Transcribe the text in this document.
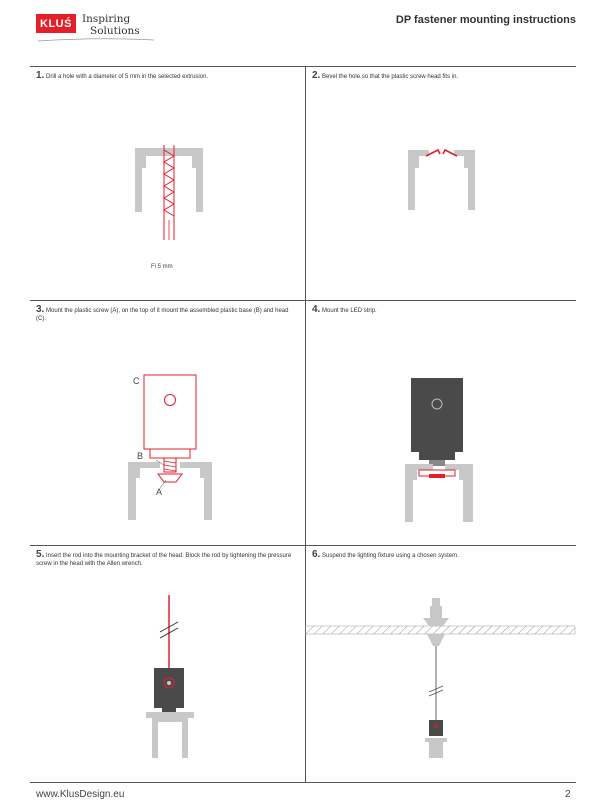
KLUŚ Inspiring
Solutions
DP fastener mounting instructions
1. Drill a hole with a diameter of 5 mm in the selected extrusion.	2. Bevel the hole so that the plastic screw head fits in.
3. Mount the plastic screw (A), on the top of it mount the assembled plastic base (B) and head (C).
4. Mount the LED strip.
5. Insert the rod into the mounting bracket of the head. Block the rod by tightening the pressure screw in the head with the Allen wrench.
6. Suspend the lighting fixture using a chosen system.
Fi 5 mm
C
B
A
www.KlusDesign.eu	2
